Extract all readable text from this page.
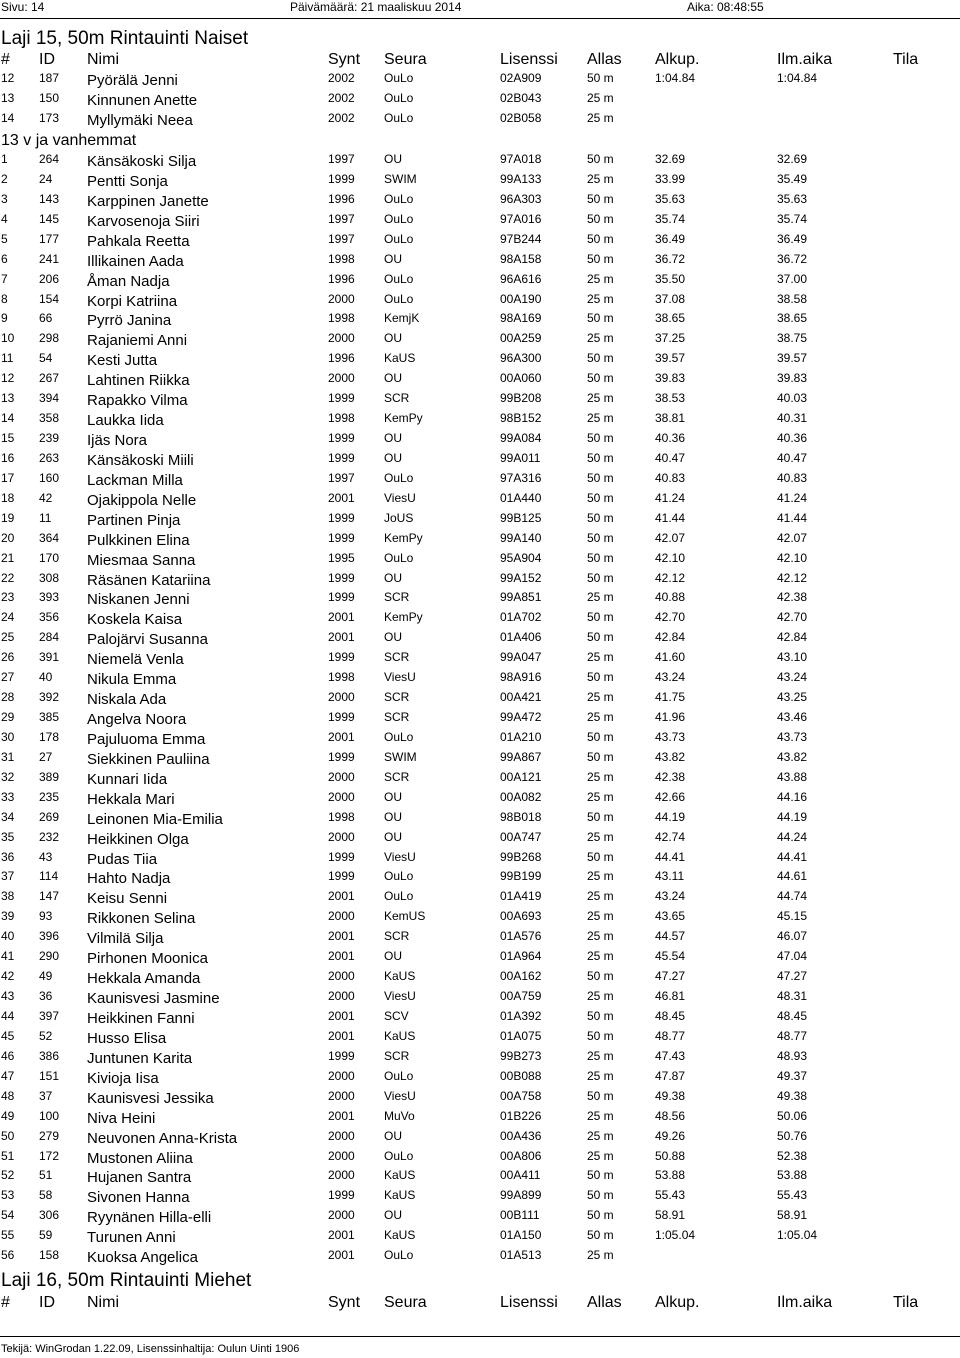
Sivu: 14	Päivämäärä: 21 maaliskuu 2014	Aika: 08:48:55
Laji 15, 50m Rintauinti Naiset
# ID Nimi	Synt Seura	Lisenssi Allas Alkup.	Ilm.aika	Tila
12 187 Pyörälä Jenni	2002 OuLo	02A909	50 m	1:04.84	1:04.84
13 150 Kinnunen Anette	2002 OuLo	02B043	25 m
14 173 Myllymäki Neea	2002 OuLo	02B058	25 m
13 v ja vanhemmat
1	264 Känsäkoski Silja	1997 OU	97A018	50 m	32.69	32.69
2	24 Pentti Sonja	1999 SWIM	99A133	25 m	33.99	35.49
3	143 Karppinen Janette	1996 OuLo	96A303	50 m	35.63	35.63
4	145 Karvosenoja Siiri	1997 OuLo	97A016	50 m	35.74	35.74
5	177 Pahkala Reetta	1997 OuLo	97B244	50 m	36.49	36.49
6	241 Illikainen Aada	1998 OU	98A158	50 m	36.72	36.72
7	206 Åman Nadja	1996 OuLo	96A616	25 m	35.50	37.00
8	154 Korpi Katriina	2000 OuLo	00A190	25 m	37.08	38.58
9	66 Pyrrö Janina	1998 KemjK	98A169	50 m	38.65	38.65
10 298 Rajaniemi Anni	2000 OU	00A259	25 m	37.25	38.75
11 54 Kesti Jutta	1996 KaUS	96A300	50 m	39.57	39.57
12 267 Lahtinen Riikka	2000 OU	00A060	50 m	39.83	39.83
13 394 Rapakko Vilma	1999 SCR	99B208	25 m	38.53	40.03
14 358 Laukka Iida	1998 KemPy	98B152	25 m	38.81	40.31
15 239 Ijäs Nora	1999 OU	99A084	50 m	40.36	40.36
16 263 Känsäkoski Miili	1999 OU	99A011	50 m	40.47	40.47
17 160 Lackman Milla	1997 OuLo	97A316	50 m	40.83	40.83
18 42 Ojakippola Nelle	2001 ViesU	01A440	50 m	41.24	41.24
19 11 Partinen Pinja	1999 JoUS	99B125	50 m	41.44	41.44
20 364 Pulkkinen Elina	1999 KemPy	99A140	50 m	42.07	42.07
21 170 Miesmaa Sanna	1995 OuLo	95A904	50 m	42.10	42.10
22 308 Räsänen Katariina	1999 OU	99A152	50 m	42.12	42.12
23 393 Niskanen Jenni	1999 SCR	99A851	25 m	40.88	42.38
24 356 Koskela Kaisa	2001 KemPy	01A702	50 m	42.70	42.70
25 284 Palojärvi Susanna	2001 OU	01A406	50 m	42.84	42.84
26 391 Niemelä Venla	1999 SCR	99A047	25 m	41.60	43.10
27 40 Nikula Emma	1998 ViesU	98A916	50 m	43.24	43.24
28 392 Niskala Ada	2000 SCR	00A421	25 m	41.75	43.25
29 385 Angelva Noora	1999 SCR	99A472	25 m	41.96	43.46
30 178 Pajuluoma Emma	2001 OuLo	01A210	50 m	43.73	43.73
31 27 Siekkinen Pauliina	1999 SWIM	99A867	50 m	43.82	43.82
32 389 Kunnari Iida	2000 SCR	00A121	25 m	42.38	43.88
33 235 Hekkala Mari	2000 OU	00A082	25 m	42.66	44.16
34 269 Leinonen Mia-Emilia	1998 OU	98B018	50 m	44.19	44.19
35 232 Heikkinen Olga	2000 OU	00A747	25 m	42.74	44.24
36 43 Pudas Tiia	1999 ViesU	99B268	50 m	44.41	44.41
37 114 Hahto Nadja	1999 OuLo	99B199	25 m	43.11	44.61
38 147 Keisu Senni	2001 OuLo	01A419	25 m	43.24	44.74
39 93 Rikkonen Selina	2000 KemUS	00A693	25 m	43.65	45.15
40 396 Vilmilä Silja	2001 SCR	01A576	25 m	44.57	46.07
41 290 Pirhonen Moonica	2001 OU	01A964	25 m	45.54	47.04
42 49 Hekkala Amanda	2000 KaUS	00A162	50 m	47.27	47.27
43 36 Kaunisvesi Jasmine	2000 ViesU	00A759	25 m	46.81	48.31
44 397 Heikkinen Fanni	2001 SCV	01A392	50 m	48.45	48.45
45 52 Husso Elisa	2001 KaUS	01A075	50 m	48.77	48.77
46 386 Juntunen Karita	1999 SCR	99B273	25 m	47.43	48.93
47 151 Kivioja Iisa	2000 OuLo	00B088	25 m	47.87	49.37
48 37 Kaunisvesi Jessika	2000 ViesU	00A758	50 m	49.38	49.38
49 100 Niva Heini	2001 MuVo	01B226	25 m	48.56	50.06
50 279 Neuvonen Anna-Krista	2000 OU	00A436	25 m	49.26	50.76
51 172 Mustonen Aliina	2000 OuLo	00A806	25 m	50.88	52.38
52 51 Hujanen Santra	2000 KaUS	00A411	50 m	53.88	53.88
53 58 Sivonen Hanna	1999 KaUS	99A899	50 m	55.43	55.43
54 306 Ryynänen Hilla-elli	2000 OU	00B111	50 m	58.91	58.91
55 59 Turunen Anni	2001 KaUS	01A150	50 m	1:05.04	1:05.04
56 158 Kuoksa Angelica	2001 OuLo	01A513	25 m
Laji 16, 50m Rintauinti Miehet
# ID Nimi	Synt Seura	Lisenssi Allas Alkup.	Ilm.aika	Tila
Tekijä: WinGrodan 1.22.09, Lisenssinhaltija: Oulun Uinti 1906
